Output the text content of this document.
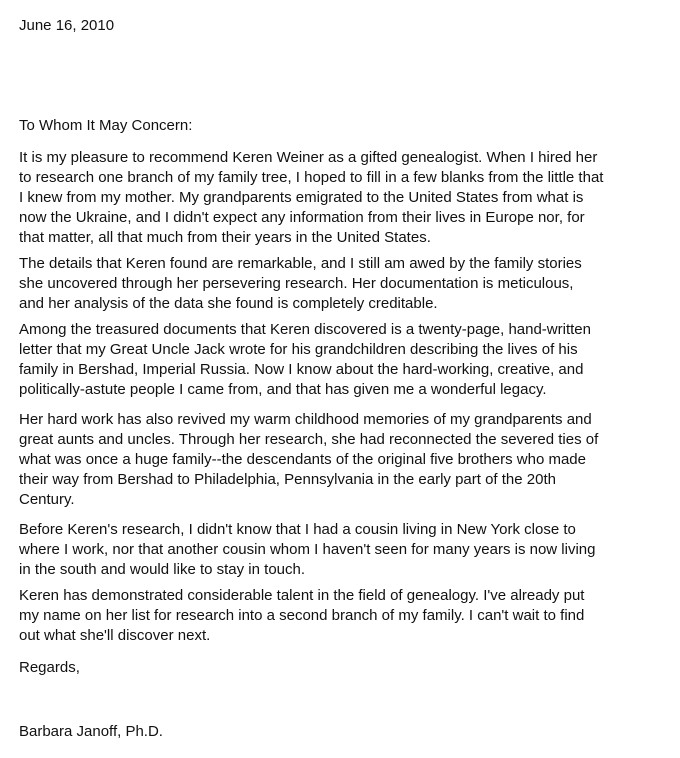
June 16, 2010
To Whom It May Concern:
It is my pleasure to recommend Keren Weiner as a gifted genealogist. When I hired her
to research one branch of my family tree, I hoped to fill in a few blanks from the little that
I knew from my mother. My grandparents emigrated to the United States from what is
now the Ukraine, and I didn't expect any information from their lives in Europe nor, for
that matter, all that much from their years in the United States.
The details that Keren found are remarkable, and I still am awed by the family stories
she uncovered through her persevering research. Her documentation is meticulous,
and her analysis of the data she found is completely creditable.
Among the treasured documents that Keren discovered is a twenty-page, hand-written
letter that my Great Uncle Jack wrote for his grandchildren describing the lives of his
family in Bershad, Imperial Russia. Now I know about the hard-working, creative, and
politically-astute people I came from, and that has given me a wonderful legacy.
Her hard work has also revived my warm childhood memories of my grandparents and
great aunts and uncles. Through her research, she had reconnected the severed ties of
what was once a huge family--the descendants of the original five brothers who made
their way from Bershad to Philadelphia, Pennsylvania in the early part of the 20th
Century.
Before Keren's research, I didn't know that I had a cousin living in New York close to
where I work, nor that another cousin whom I haven't seen for many years is now living
in the south and would like to stay in touch.
Keren has demonstrated considerable talent in the field of genealogy. I've already put
my name on her list for research into a second branch of my family. I can't wait to find
out what she'll discover next.
Regards,
Barbara Janoff, Ph.D.
